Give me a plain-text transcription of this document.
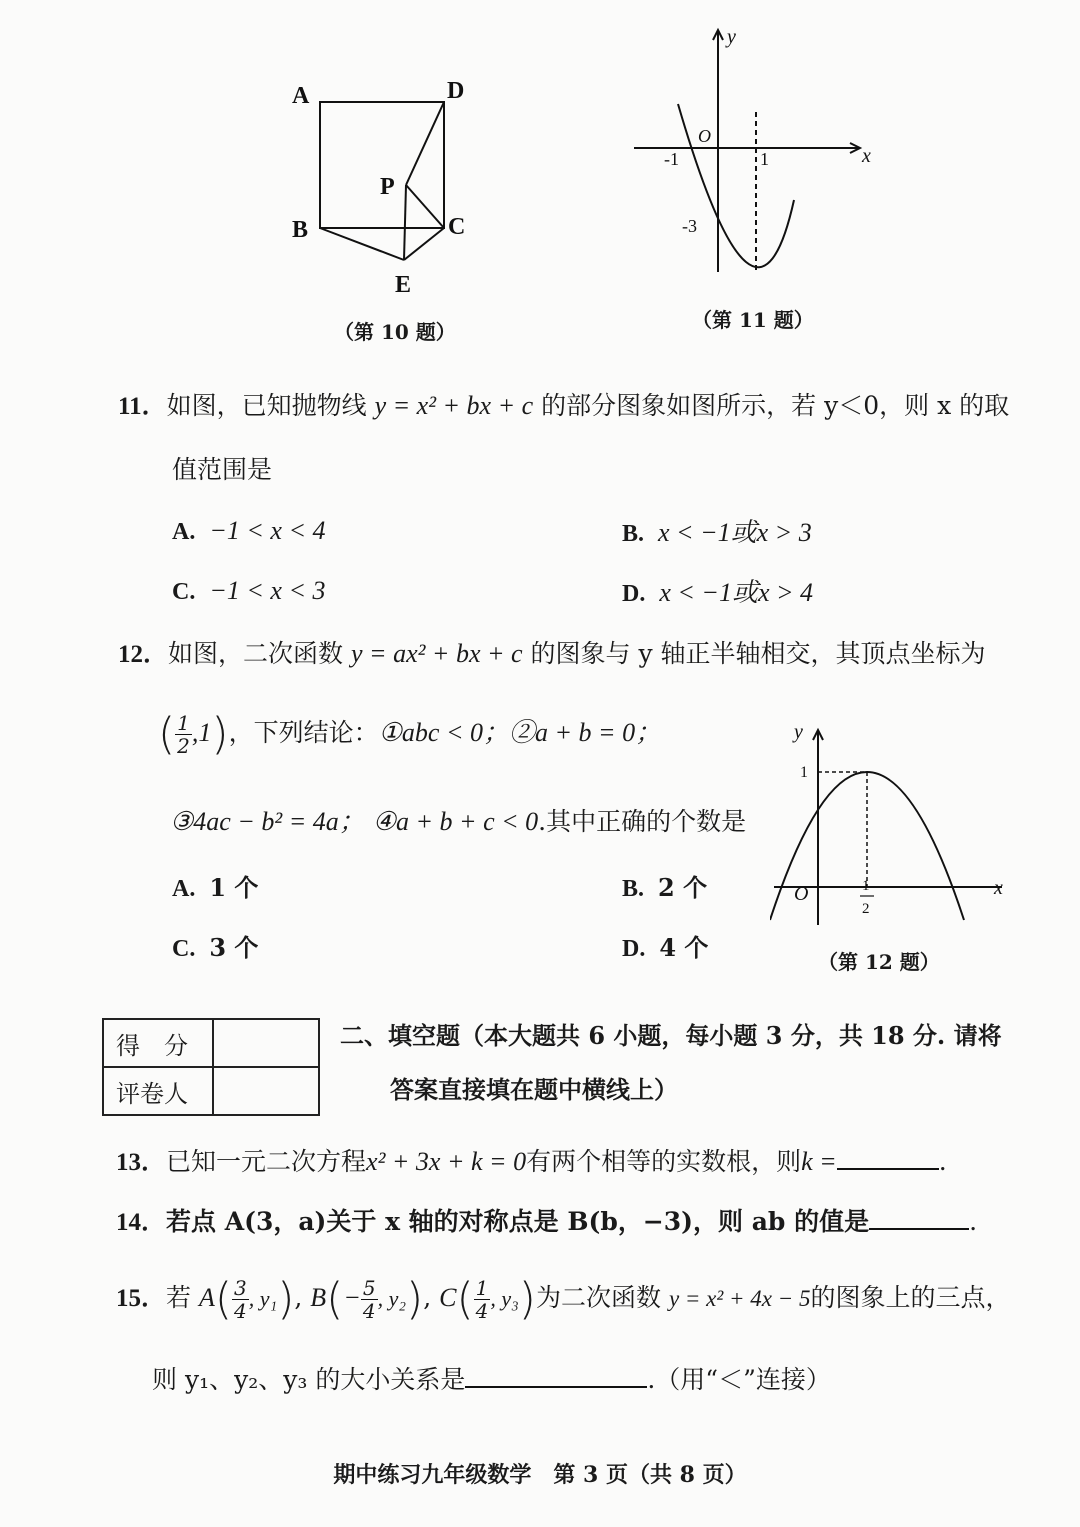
A	D
P
B	C
E
（第 10 题）
y
x
O
-1	1
-3
（第 11 题）
11．如图，已知抛物线 y = x² + bx + c 的部分图象如图所示，若 y＜0，则 x 的取
值范围是
A. −1 < x < 4	B. x < −1或x > 3
C. −1 < x < 3	D. x < −1或x > 4
12．如图，二次函数 y = ax² + bx + c 的图象与 y 轴正半轴相交，其顶点坐标为
( $\frac{1}{2} ,1$)，下列结论：①abc < 0；②a + b = 0；
③4ac − b² = 4a； ④a + b + c < 0.其中正确的个数是
A. 1 个	B. 2 个
C. 3 个	D. 4 个
y
x
O
1
1
2
（第 12 题）
得　分	
评卷人	
二、填空题（本大题共 6 小题，每小题 3 分，共 18 分. 请将
答案直接填在题中横线上）
13．已知一元二次方程x² + 3x + k = 0有两个相等的实数根，则k =	.
14．若点 A(3，a)关于 x 轴的对称点是 B(b，−3)，则 ab 的值是	.
15．若 $A( \frac{3}{4}$ , y₁), $B(- \frac{5}{4}$ , y₂), $C( \frac{1}{4}$ , y₃)为二次函数 y = x² + 4x − 5的图象上的三点，
则 y₁、y₂、y₃ 的大小关系是	.（用“＜”连接）
期中练习九年级数学　第 3 页（共 8 页）
